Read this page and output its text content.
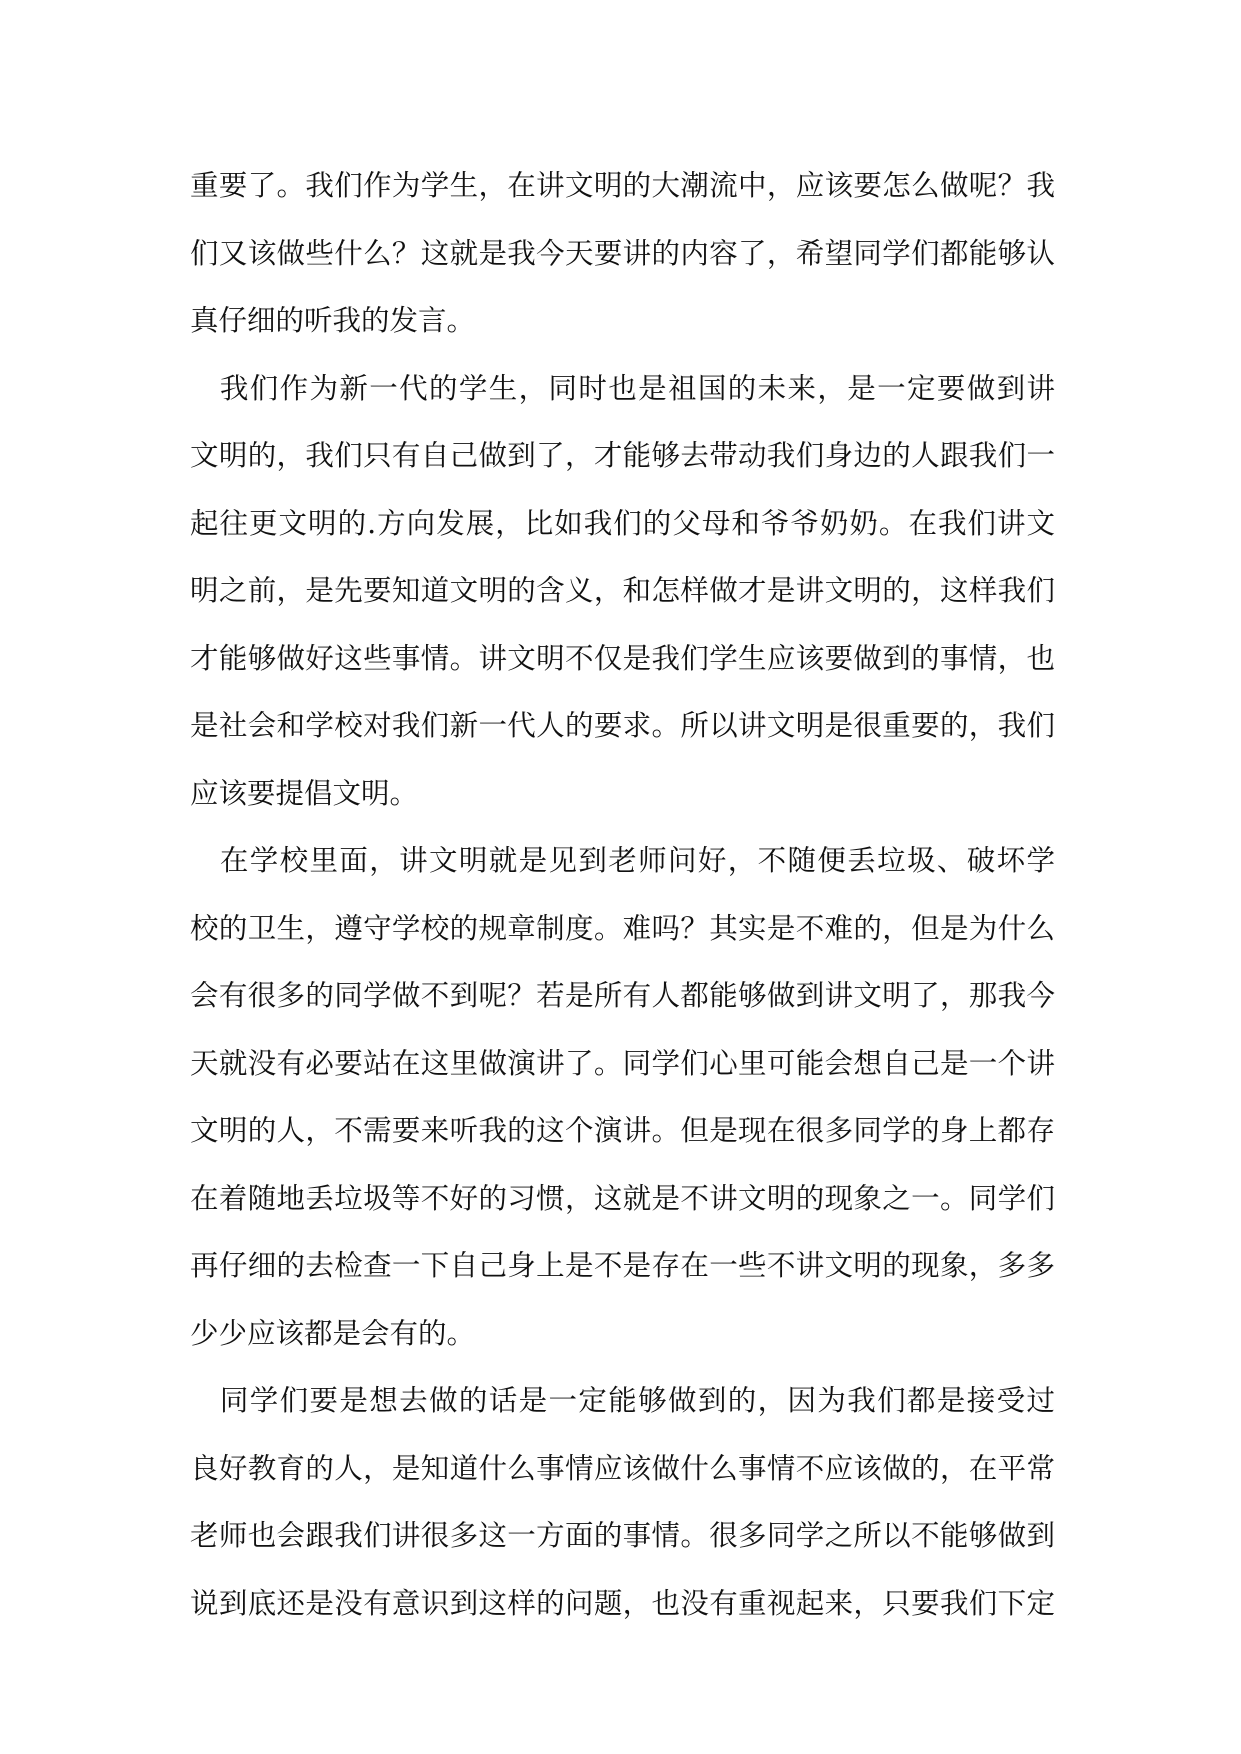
重要了。我们作为学生，在讲文明的大潮流中，应该要怎么做呢？我
们又该做些什么？这就是我今天要讲的内容了，希望同学们都能够认
真仔细的听我的发言。
　我们作为新一代的学生，同时也是祖国的未来，是一定要做到讲
文明的，我们只有自己做到了，才能够去带动我们身边的人跟我们一
起往更文明的.方向发展，比如我们的父母和爷爷奶奶。在我们讲文
明之前，是先要知道文明的含义，和怎样做才是讲文明的，这样我们
才能够做好这些事情。讲文明不仅是我们学生应该要做到的事情，也
是社会和学校对我们新一代人的要求。所以讲文明是很重要的，我们
应该要提倡文明。
　在学校里面，讲文明就是见到老师问好，不随便丢垃圾、破坏学
校的卫生，遵守学校的规章制度。难吗？其实是不难的，但是为什么
会有很多的同学做不到呢？若是所有人都能够做到讲文明了，那我今
天就没有必要站在这里做演讲了。同学们心里可能会想自己是一个讲
文明的人，不需要来听我的这个演讲。但是现在很多同学的身上都存
在着随地丢垃圾等不好的习惯，这就是不讲文明的现象之一。同学们
再仔细的去检查一下自己身上是不是存在一些不讲文明的现象，多多
少少应该都是会有的。
　同学们要是想去做的话是一定能够做到的，因为我们都是接受过
良好教育的人，是知道什么事情应该做什么事情不应该做的，在平常
老师也会跟我们讲很多这一方面的事情。很多同学之所以不能够做到
说到底还是没有意识到这样的问题，也没有重视起来，只要我们下定
